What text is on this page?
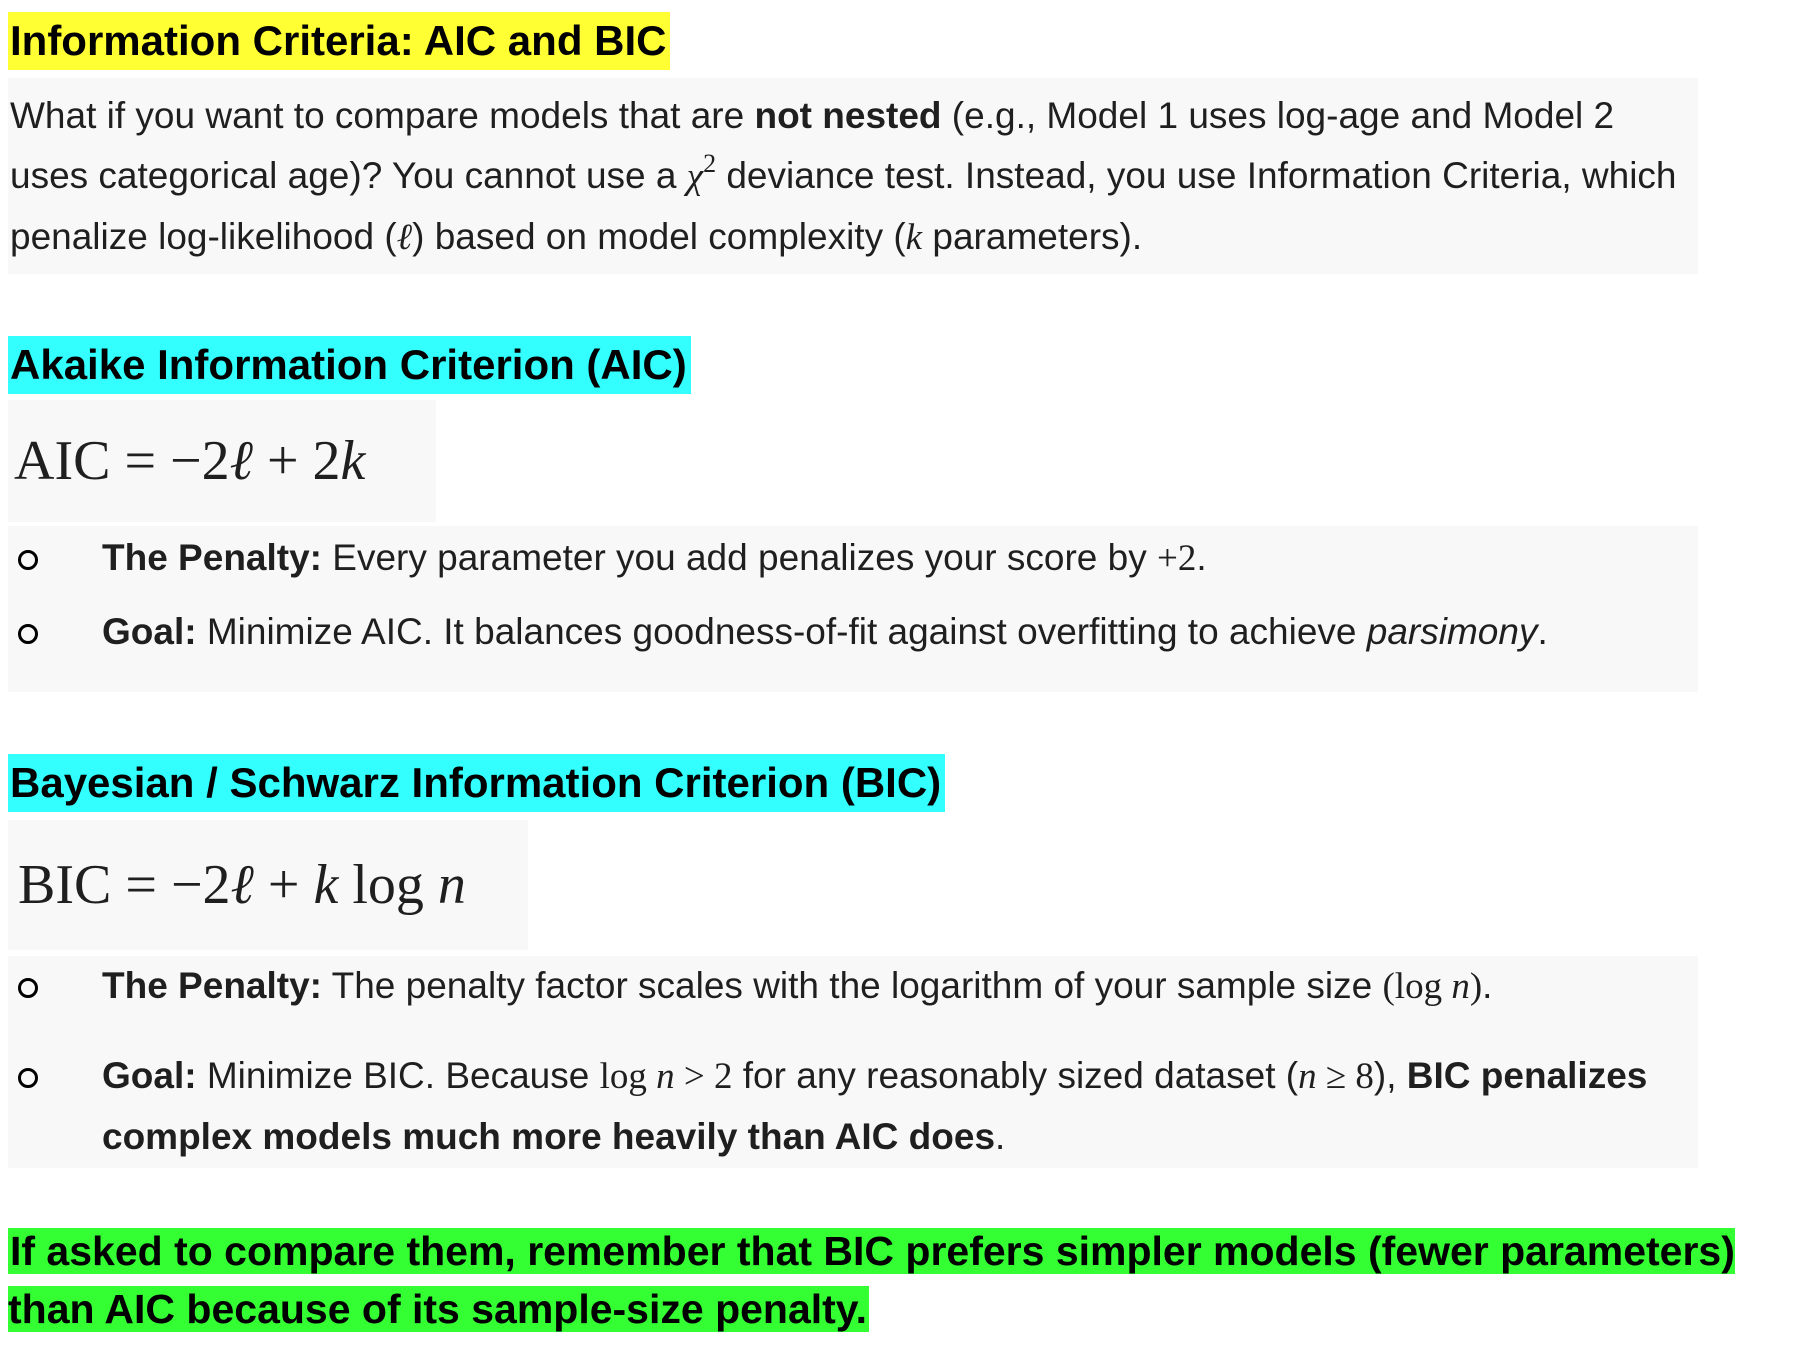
Information Criteria: AIC and BIC
What if you want to compare models that are not nested (e.g., Model 1 uses log-age and Model 2 uses categorical age)? You cannot use a $\chi^2$ deviance test. Instead, you use Information Criteria, which penalize log-likelihood (ℓ) based on model complexity (k parameters).
Akaike Information Criterion (AIC)
AIC = −2ℓ + 2k
The Penalty: Every parameter you add penalizes your score by +2.
Goal: Minimize AIC. It balances goodness-of-fit against overfitting to achieve parsimony.
Bayesian / Schwarz Information Criterion (BIC)
BIC = −2ℓ + k log n
The Penalty: The penalty factor scales with the logarithm of your sample size (log n).
Goal: Minimize BIC. Because log n > 2 for any reasonably sized dataset (n ≥ 8), BIC penalizes complex models much more heavily than AIC does.

If asked to compare them, remember that BIC prefers simpler models (fewer parameters) than AIC because of its sample-size penalty.
